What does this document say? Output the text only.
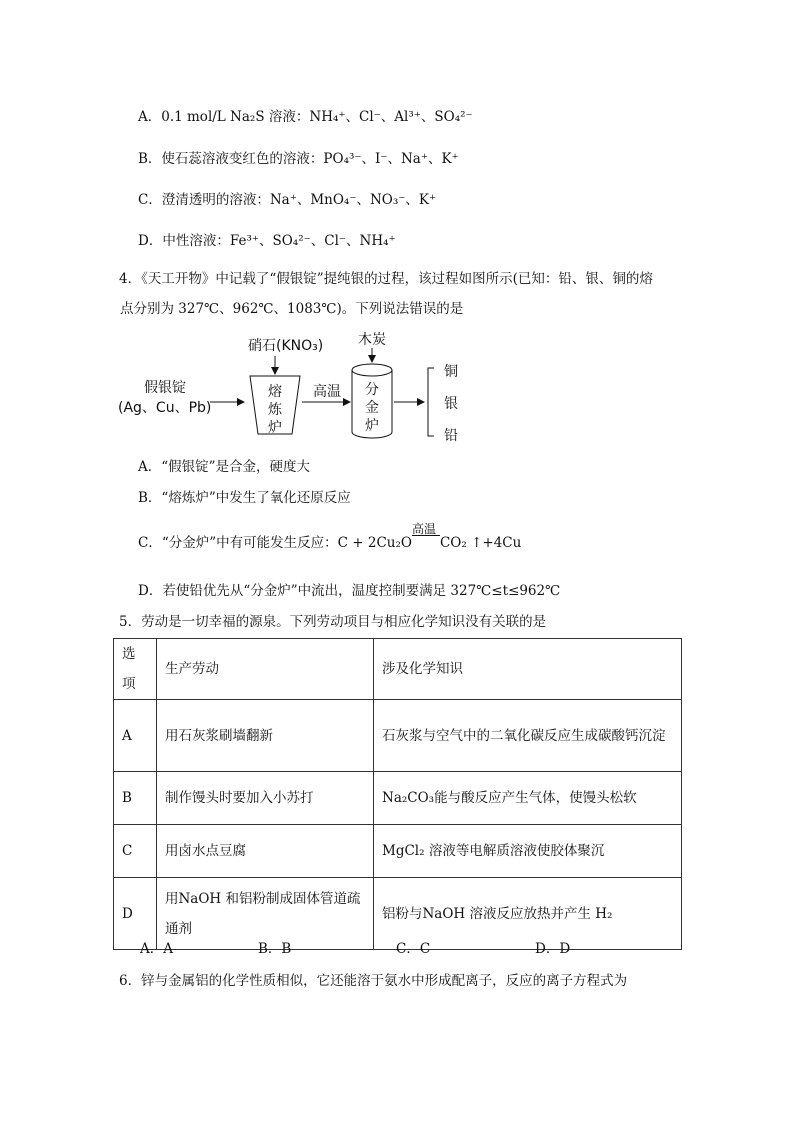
A．0.1 mol/L Na₂S 溶液：NH₄⁺、Cl⁻、Al³⁺、SO₄²⁻
B．使石蕊溶液变红色的溶液：PO₄³⁻、I⁻、Na⁺、K⁺
C．澄清透明的溶液：Na⁺、MnO₄⁻、NO₃⁻、K⁺
D．中性溶液：Fe³⁺、SO₄²⁻、Cl⁻、NH₄⁺
4．《天工开物》中记载了“假银锭”提纯银的过程，该过程如图所示(已知：铅、银、铜的熔
点分别为 327℃、962℃、1083℃)。下列说法错误的是
假银锭
(Ag、Cu、Pb)
硝石(KNO₃)
熔
炼
炉
高温
木炭
分
金
炉
铜
银
铅
A．“假银锭”是合金，硬度大
B．“熔炼炉”中发生了氧化还原反应
C．“分金炉”中有可能发生反应：C + 2Cu₂O
高温
CO₂ ↑+4Cu
D．若使铅优先从“分金炉”中流出，温度控制要满足 327℃≤t≤962℃
5．劳动是一切幸福的源泉。下列劳动项目与相应化学知识没有关联的是
选项	生产劳动	涉及化学知识
A	用石灰浆刷墙翻新	石灰浆与空气中的二氧化碳反应生成碳酸钙沉淀
B	制作馒头时要加入小苏打	Na₂CO₃能与酸反应产生气体，使馒头松软
C	用卤水点豆腐	MgCl₂ 溶液等电解质溶液使胶体聚沉
D	用NaOH 和铝粉制成固体管道疏通剂	铝粉与NaOH 溶液反应放热并产生 H₂
A．A	B．B	C．C	D．D
6．锌与金属铝的化学性质相似，它还能溶于氨水中形成配离子，反应的离子方程式为
